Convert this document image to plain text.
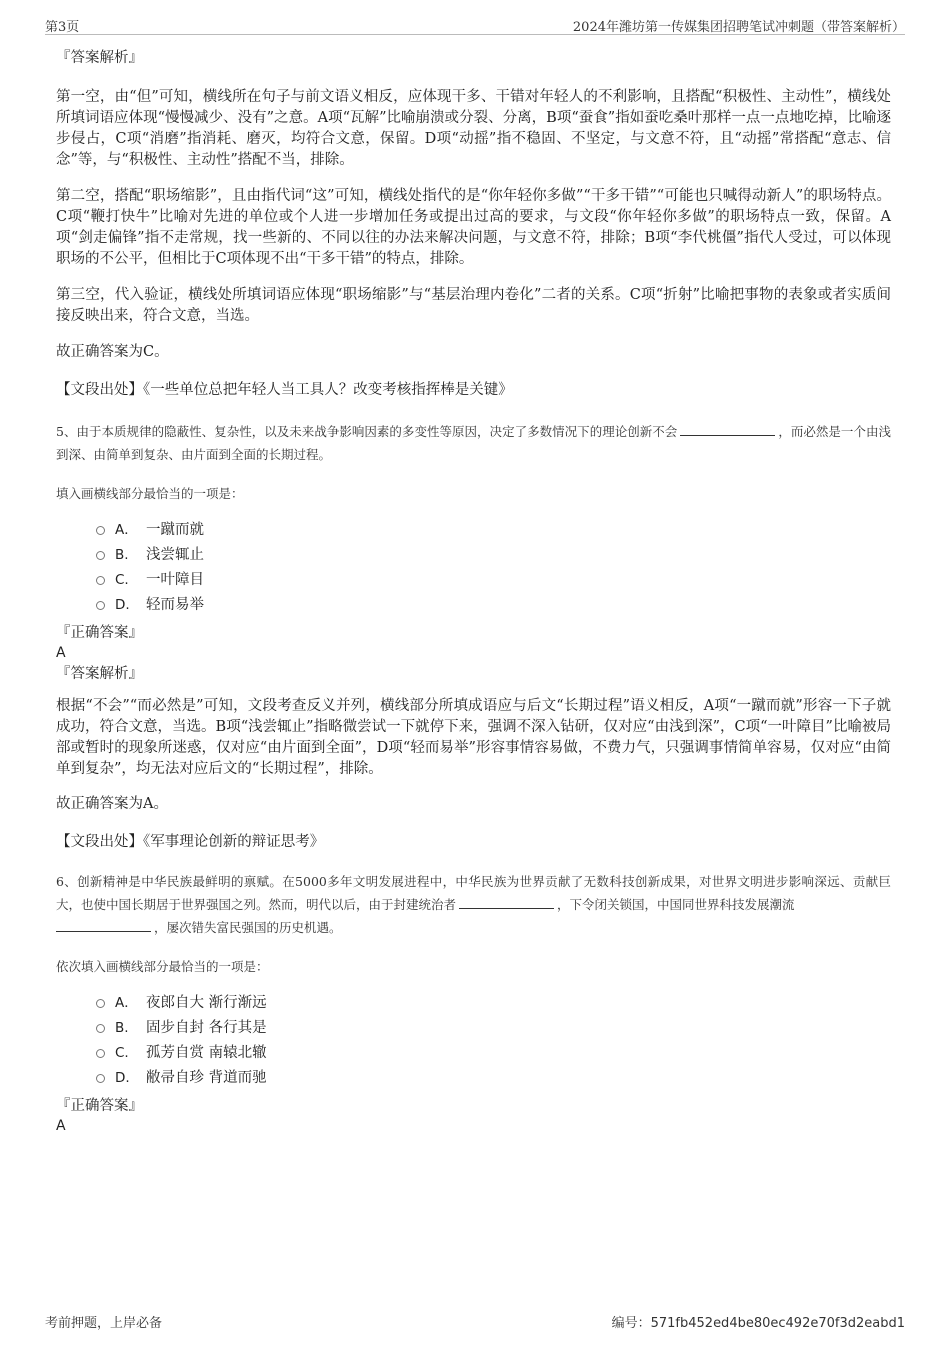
第3页	2024年潍坊第一传媒集团招聘笔试冲刺题（带答案解析）

『答案解析』

第一空，由“但”可知，横线所在句子与前文语义相反，应体现干多、干错对年轻人的不利影响，且搭配“积极性、主动性”，横线处所填词语应体现“慢慢减少、没有”之意。A项“瓦解”比喻崩溃或分裂、分离，B项“蚕食”指如蚕吃桑叶那样一点一点地吃掉，比喻逐步侵占，C项“消磨”指消耗、磨灭，均符合文意，保留。D项“动摇”指不稳固、不坚定，与文意不符，且“动摇”常搭配“意志、信念”等，与“积极性、主动性”搭配不当，排除。

第二空，搭配“职场缩影”，且由指代词“这”可知，横线处指代的是“你年轻你多做”“干多干错”“可能也只喊得动新人”的职场特点。C项“鞭打快牛”比喻对先进的单位或个人进一步增加任务或提出过高的要求，与文段“你年轻你多做”的职场特点一致，保留。A项“剑走偏锋”指不走常规，找一些新的、不同以往的办法来解决问题，与文意不符，排除；B项“李代桃僵”指代人受过，可以体现职场的不公平，但相比于C项体现不出“干多干错”的特点，排除。

第三空，代入验证，横线处所填词语应体现“职场缩影”与“基层治理内卷化”二者的关系。C项“折射”比喻把事物的表象或者实质间接反映出来，符合文意，当选。

故正确答案为C。

【文段出处】《一些单位总把年轻人当工具人？改变考核指挥棒是关键》

5、由于本质规律的隐蔽性、复杂性，以及未来战争影响因素的多变性等原因，决定了多数情况下的理论创新不会	，而必然是一个由浅到深、由简单到复杂、由片面到全面的长期过程。

填入画横线部分最恰当的一项是：

A． 一蹴而就
B.	浅尝辄止
C.	一叶障目
D.	轻而易举

『正确答案』

A

『答案解析』

根据“不会”“而必然是”可知，文段考查反义并列，横线部分所填成语应与后文“长期过程”语义相反，A项“一蹴而就”形容一下子就成功，符合文意，当选。B项“浅尝辄止”指略微尝试一下就停下来，强调不深入钻研，仅对应“由浅到深”，C项“一叶障目”比喻被局部或暂时的现象所迷惑，仅对应“由片面到全面”，D项“轻而易举”形容事情容易做，不费力气，只强调事情简单容易，仅对应“由简单到复杂”，均无法对应后文的“长期过程”，排除。

故正确答案为A。

【文段出处】《军事理论创新的辩证思考》

6、创新精神是中华民族最鲜明的禀赋。在5000多年文明发展进程中，中华民族为世界贡献了无数科技创新成果，对世界文明进步影响深远、贡献巨大，也使中国长期居于世界强国之列。然而，明代以后，由于封建统治者	，下令闭关锁国，中国同世界科技发展潮流
，屡次错失富民强国的历史机遇。

依次填入画横线部分最恰当的一项是：

A． 夜郎自大 渐行渐远
B.	固步自封 各行其是
C.	孤芳自赏 南辕北辙
D.	敝帚自珍 背道而驰

『正确答案』

A

考前押题，上岸必备	编号：571fb452ed4be80ec492e70f3d2eabd1
